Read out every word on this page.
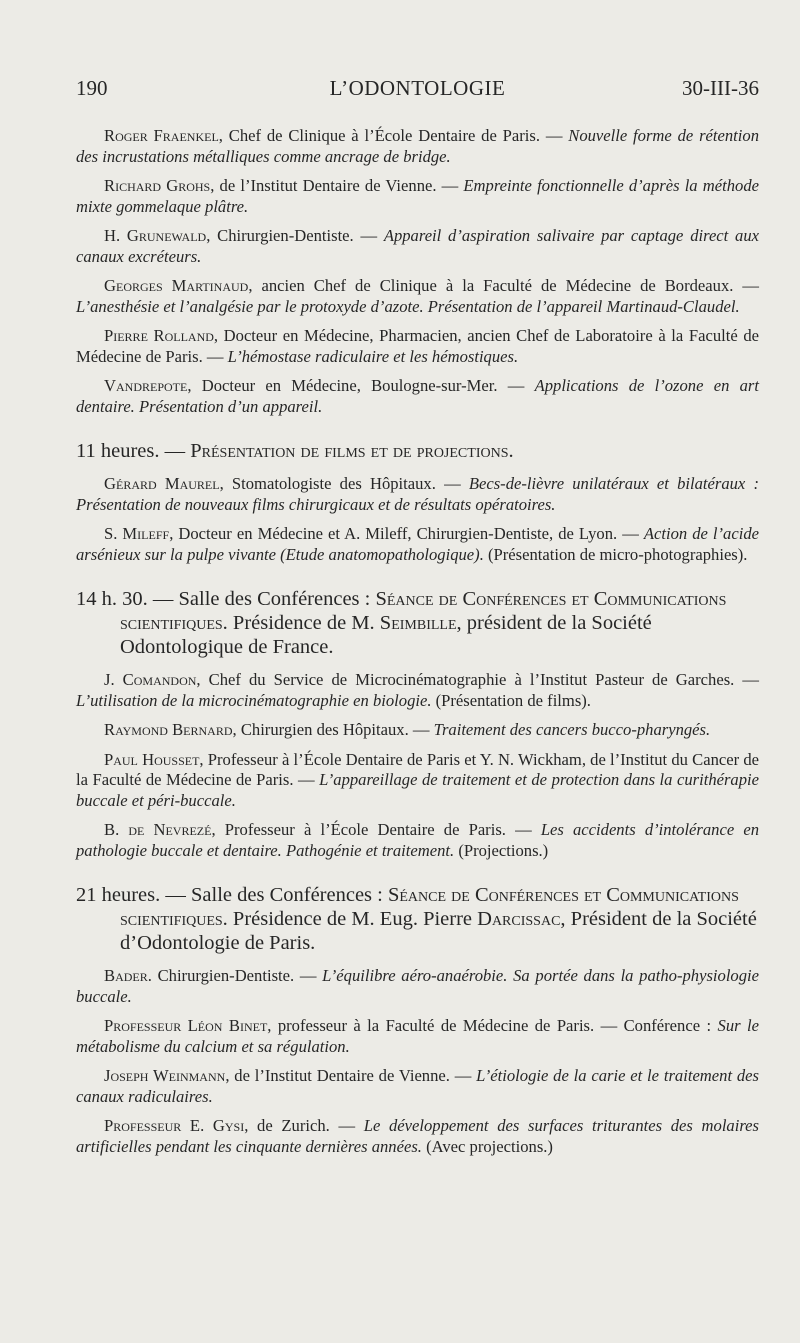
190	L’ODONTOLOGIE	30-III-36

Roger Fraenkel, Chef de Clinique à l’École Dentaire de Paris. — Nouvelle forme de rétention des incrustations métalliques comme ancrage de bridge.

Richard Grohs, de l’Institut Dentaire de Vienne. — Empreinte fonctionnelle d’après la méthode mixte gommelaque plâtre.

H. Grunewald, Chirurgien-Dentiste. — Appareil d’aspiration salivaire par captage direct aux canaux excréteurs.

Georges Martinaud, ancien Chef de Clinique à la Faculté de Médecine de Bordeaux. — L’anesthésie et l’analgésie par le protoxyde d’azote. Présentation de l’appareil Martinaud-Claudel.

Pierre Rolland, Docteur en Médecine, Pharmacien, ancien Chef de Laboratoire à la Faculté de Médecine de Paris. — L’hémostase radiculaire et les hémostiques.

Vandrepote, Docteur en Médecine, Boulogne-sur-Mer. — Applications de l’ozone en art dentaire. Présentation d’un appareil.

11 heures. — Présentation de films et de projections.

Gérard Maurel, Stomatologiste des Hôpitaux. — Becs-de-lièvre unilatéraux et bilatéraux : Présentation de nouveaux films chirurgicaux et de résultats opératoires.

S. Mileff, Docteur en Médecine et A. Mileff, Chirurgien-Dentiste, de Lyon. — Action de l’acide arsénieux sur la pulpe vivante (Etude anatomopathologique). (Présentation de micro-photographies).

14 h. 30. — Salle des Conférences : Séance de Conférences et Communications scientifiques. Présidence de M. Seimbille, président de la Société Odontologique de France.

J. Comandon, Chef du Service de Microcinématographie à l’Institut Pasteur de Garches. — L’utilisation de la microcinématographie en biologie. (Présentation de films).

Raymond Bernard, Chirurgien des Hôpitaux. — Traitement des cancers bucco-pharyngés.

Paul Housset, Professeur à l’École Dentaire de Paris et Y. N. Wickham, de l’Institut du Cancer de la Faculté de Médecine de Paris. — L’appareillage de traitement et de protection dans la curithérapie buccale et péri-buccale.

B. de Nevrezé, Professeur à l’École Dentaire de Paris. — Les accidents d’intolérance en pathologie buccale et dentaire. Pathogénie et traitement. (Projections.)

21 heures. — Salle des Conférences : Séance de Conférences et Communications scientifiques. Présidence de M. Eug. Pierre Darcissac, Président de la Société d’Odontologie de Paris.

Bader. Chirurgien-Dentiste. — L’équilibre aéro-anaérobie. Sa portée dans la patho-physiologie buccale.

Professeur Léon Binet, professeur à la Faculté de Médecine de Paris. — Conférence : Sur le métabolisme du calcium et sa régulation.

Joseph Weinmann, de l’Institut Dentaire de Vienne. — L’étiologie de la carie et le traitement des canaux radiculaires.

Professeur E. Gysi, de Zurich. — Le développement des surfaces triturantes des molaires artificielles pendant les cinquante dernières années. (Avec projections.)
